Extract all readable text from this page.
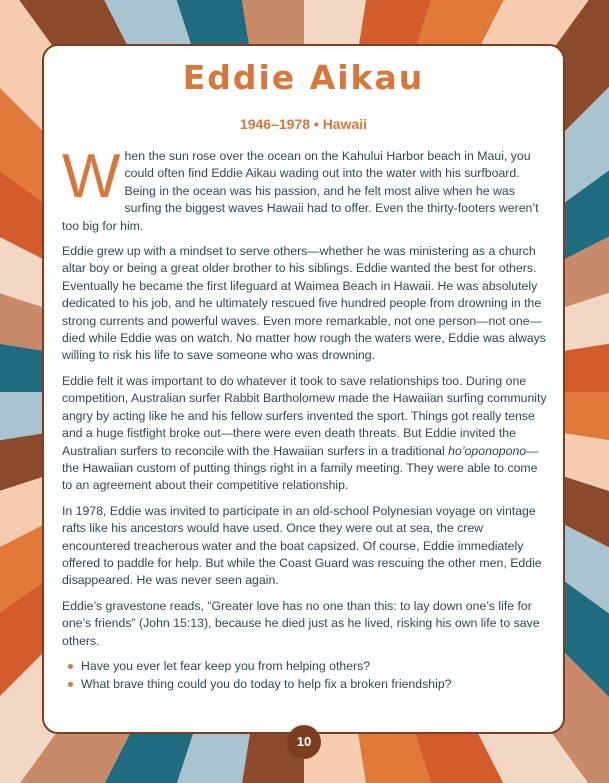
Eddie Aikau
1946–1978 • Hawaii

When the sun rose over the ocean on the Kahului Harbor beach in Maui, you could often find Eddie Aikau wading out into the water with his surfboard. Being in the ocean was his passion, and he felt most alive when he was surfing the biggest waves Hawaii had to offer. Even the thirty-footers weren’t too big for him.

Eddie grew up with a mindset to serve others—whether he was ministering as a church altar boy or being a great older brother to his siblings. Eddie wanted the best for others. Eventually he became the first lifeguard at Waimea Beach in Hawaii. He was absolutely dedicated to his job, and he ultimately rescued five hundred people from drowning in the strong currents and powerful waves. Even more remarkable, not one person—not one—died while Eddie was on watch. No matter how rough the waters were, Eddie was always willing to risk his life to save someone who was drowning.

Eddie felt it was important to do whatever it took to save relationships too. During one competition, Australian surfer Rabbit Bartholomew made the Hawaiian surfing community angry by acting like he and his fellow surfers invented the sport. Things got really tense and a huge fistfight broke out—there were even death threats. But Eddie invited the Australian surfers to reconcile with the Hawaiian surfers in a traditional ho’oponopono—the Hawaiian custom of putting things right in a family meeting. They were able to come to an agreement about their competitive relationship.

In 1978, Eddie was invited to participate in an old-school Polynesian voyage on vintage rafts like his ancestors would have used. Once they were out at sea, the crew encountered treacherous water and the boat capsized. Of course, Eddie immediately offered to paddle for help. But while the Coast Guard was rescuing the other men, Eddie disappeared. He was never seen again.

Eddie’s gravestone reads, “Greater love has no one than this: to lay down one’s life for one’s friends” (John 15:13), because he died just as he lived, risking his own life to save others.

Have you ever let fear keep you from helping others?
What brave thing could you do today to help fix a broken friendship?
10
